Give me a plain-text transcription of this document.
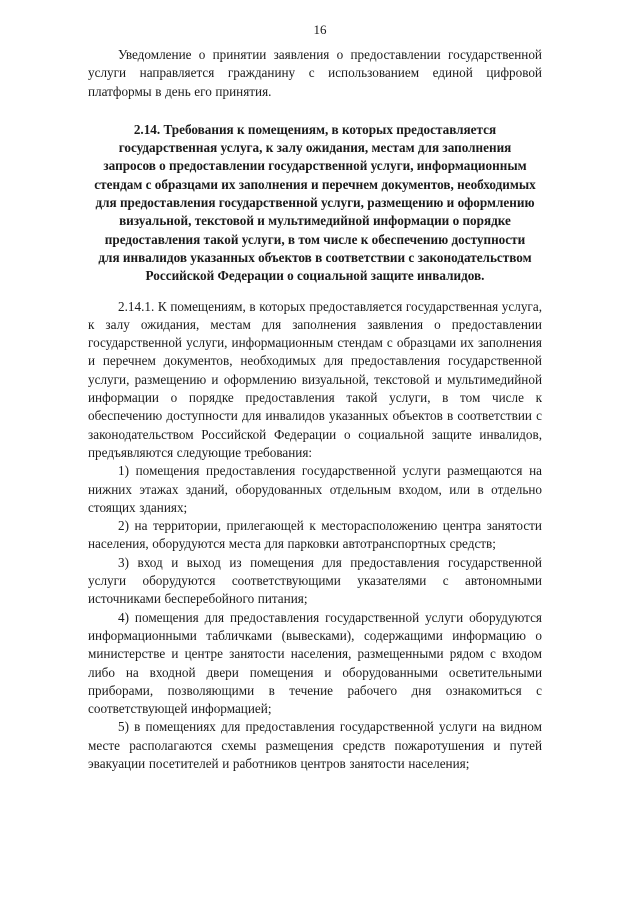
16

Уведомление о принятии заявления о предоставлении государственной услуги направляется гражданину с использованием единой цифровой платформы в день его принятия.

2.14. Требования к помещениям, в которых предоставляется государственная услуга, к залу ожидания, местам для заполнения запросов о предоставлении государственной услуги, информационным стендам с образцами их заполнения и перечнем документов, необходимых для предоставления государственной услуги, размещению и оформлению визуальной, текстовой и мультимедийной информации о порядке предоставления такой услуги, в том числе к обеспечению доступности для инвалидов указанных объектов в соответствии с законодательством Российской Федерации о социальной защите инвалидов.

2.14.1. К помещениям, в которых предоставляется государственная услуга, к залу ожидания, местам для заполнения заявления о предоставлении государственной услуги, информационным стендам с образцами их заполнения и перечнем документов, необходимых для предоставления государственной услуги, размещению и оформлению визуальной, текстовой и мультимедийной информации о порядке предоставления такой услуги, в том числе к обеспечению доступности для инвалидов указанных объектов в соответствии с законодательством Российской Федерации о социальной защите инвалидов, предъявляются следующие требования:

1) помещения предоставления государственной услуги размещаются на нижних этажах зданий, оборудованных отдельным входом, или в отдельно стоящих зданиях;

2) на территории, прилегающей к месторасположению центра занятости населения, оборудуются места для парковки автотранспортных средств;

3) вход и выход из помещения для предоставления государственной услуги оборудуются соответствующими указателями с автономными источниками бесперебойного питания;

4) помещения для предоставления государственной услуги оборудуются информационными табличками (вывесками), содержащими информацию о министерстве и центре занятости населения, размещенными рядом с входом либо на входной двери помещения и оборудованными осветительными приборами, позволяющими в течение рабочего дня ознакомиться с соответствующей информацией;

5) в помещениях для предоставления государственной услуги на видном месте располагаются схемы размещения средств пожаротушения и путей эвакуации посетителей и работников центров занятости населения;
